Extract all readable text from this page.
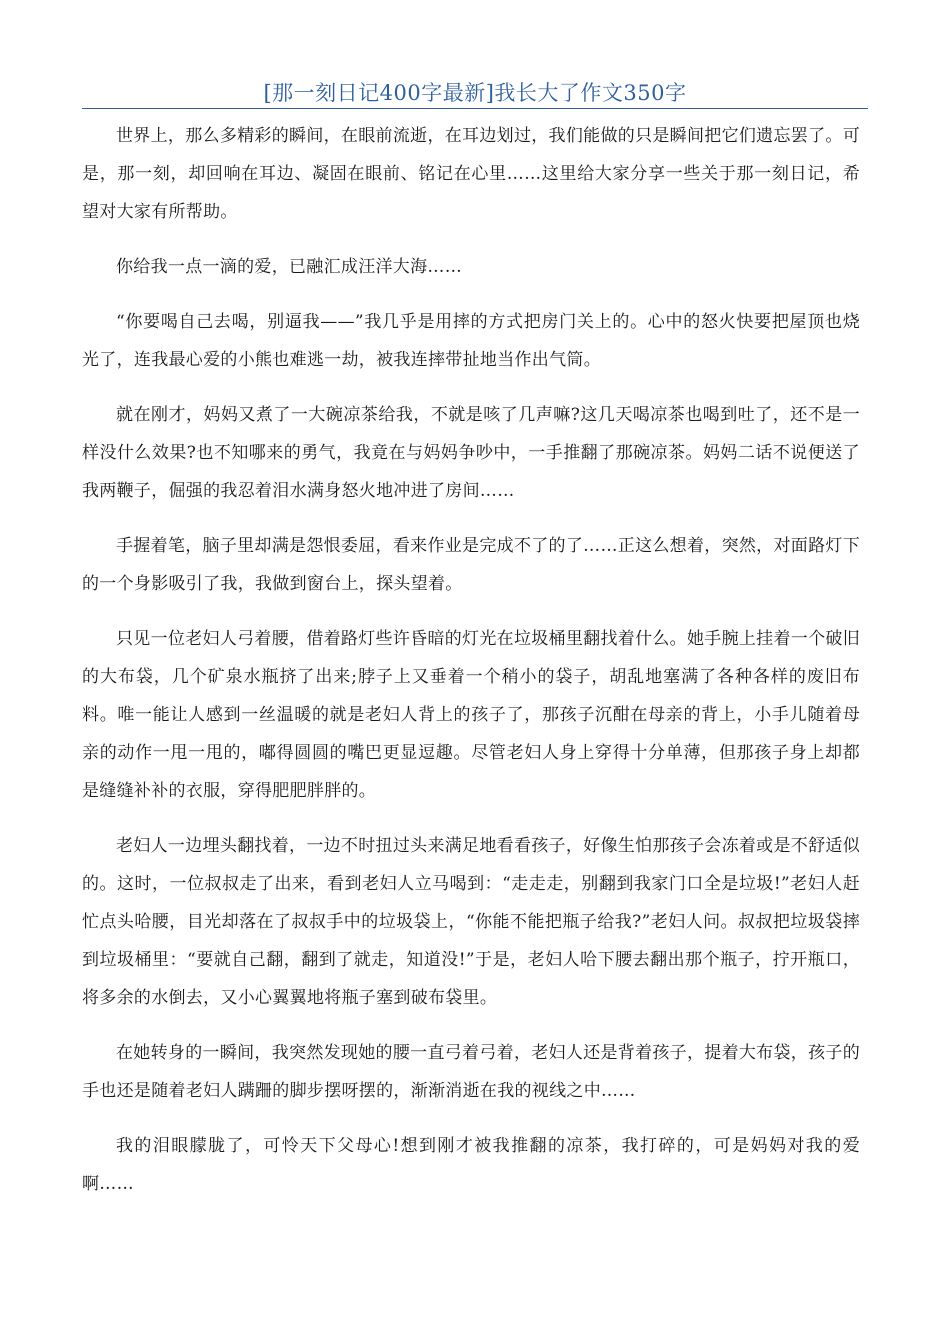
[那一刻日记400字最新]我长大了作文350字

世界上，那么多精彩的瞬间，在眼前流逝，在耳边划过，我们能做的只是瞬间把它们遗忘罢了。可是，那一刻，却回响在耳边、凝固在眼前、铭记在心里……这里给大家分享一些关于那一刻日记，希望对大家有所帮助。

你给我一点一滴的爱，已融汇成汪洋大海……

“你要喝自己去喝，别逼我——”我几乎是用摔的方式把房门关上的。心中的怒火快要把屋顶也烧光了，连我最心爱的小熊也难逃一劫，被我连摔带扯地当作出气筒。

就在刚才，妈妈又煮了一大碗凉茶给我，不就是咳了几声嘛?这几天喝凉茶也喝到吐了，还不是一样没什么效果?也不知哪来的勇气，我竟在与妈妈争吵中，一手推翻了那碗凉茶。妈妈二话不说便送了我两鞭子，倔强的我忍着泪水满身怒火地冲进了房间……

手握着笔，脑子里却满是怨恨委屈，看来作业是完成不了的了……正这么想着，突然，对面路灯下的一个身影吸引了我，我做到窗台上，探头望着。

只见一位老妇人弓着腰，借着路灯些许昏暗的灯光在垃圾桶里翻找着什么。她手腕上挂着一个破旧的大布袋，几个矿泉水瓶挤了出来;脖子上又垂着一个稍小的袋子，胡乱地塞满了各种各样的废旧布料。唯一能让人感到一丝温暖的就是老妇人背上的孩子了，那孩子沉酣在母亲的背上，小手儿随着母亲的动作一甩一甩的，嘟得圆圆的嘴巴更显逗趣。尽管老妇人身上穿得十分单薄，但那孩子身上却都是缝缝补补的衣服，穿得肥肥胖胖的。

老妇人一边埋头翻找着，一边不时扭过头来满足地看看孩子，好像生怕那孩子会冻着或是不舒适似的。这时，一位叔叔走了出来，看到老妇人立马喝到：“走走走，别翻到我家门口全是垃圾!”老妇人赶忙点头哈腰，目光却落在了叔叔手中的垃圾袋上，“你能不能把瓶子给我?”老妇人问。叔叔把垃圾袋摔到垃圾桶里：“要就自己翻，翻到了就走，知道没!”于是，老妇人哈下腰去翻出那个瓶子，拧开瓶口，将多余的水倒去，又小心翼翼地将瓶子塞到破布袋里。

在她转身的一瞬间，我突然发现她的腰一直弓着弓着，老妇人还是背着孩子，提着大布袋，孩子的手也还是随着老妇人蹒跚的脚步摆呀摆的，渐渐消逝在我的视线之中……

我的泪眼朦胧了，可怜天下父母心!想到刚才被我推翻的凉茶，我打碎的，可是妈妈对我的爱啊……
